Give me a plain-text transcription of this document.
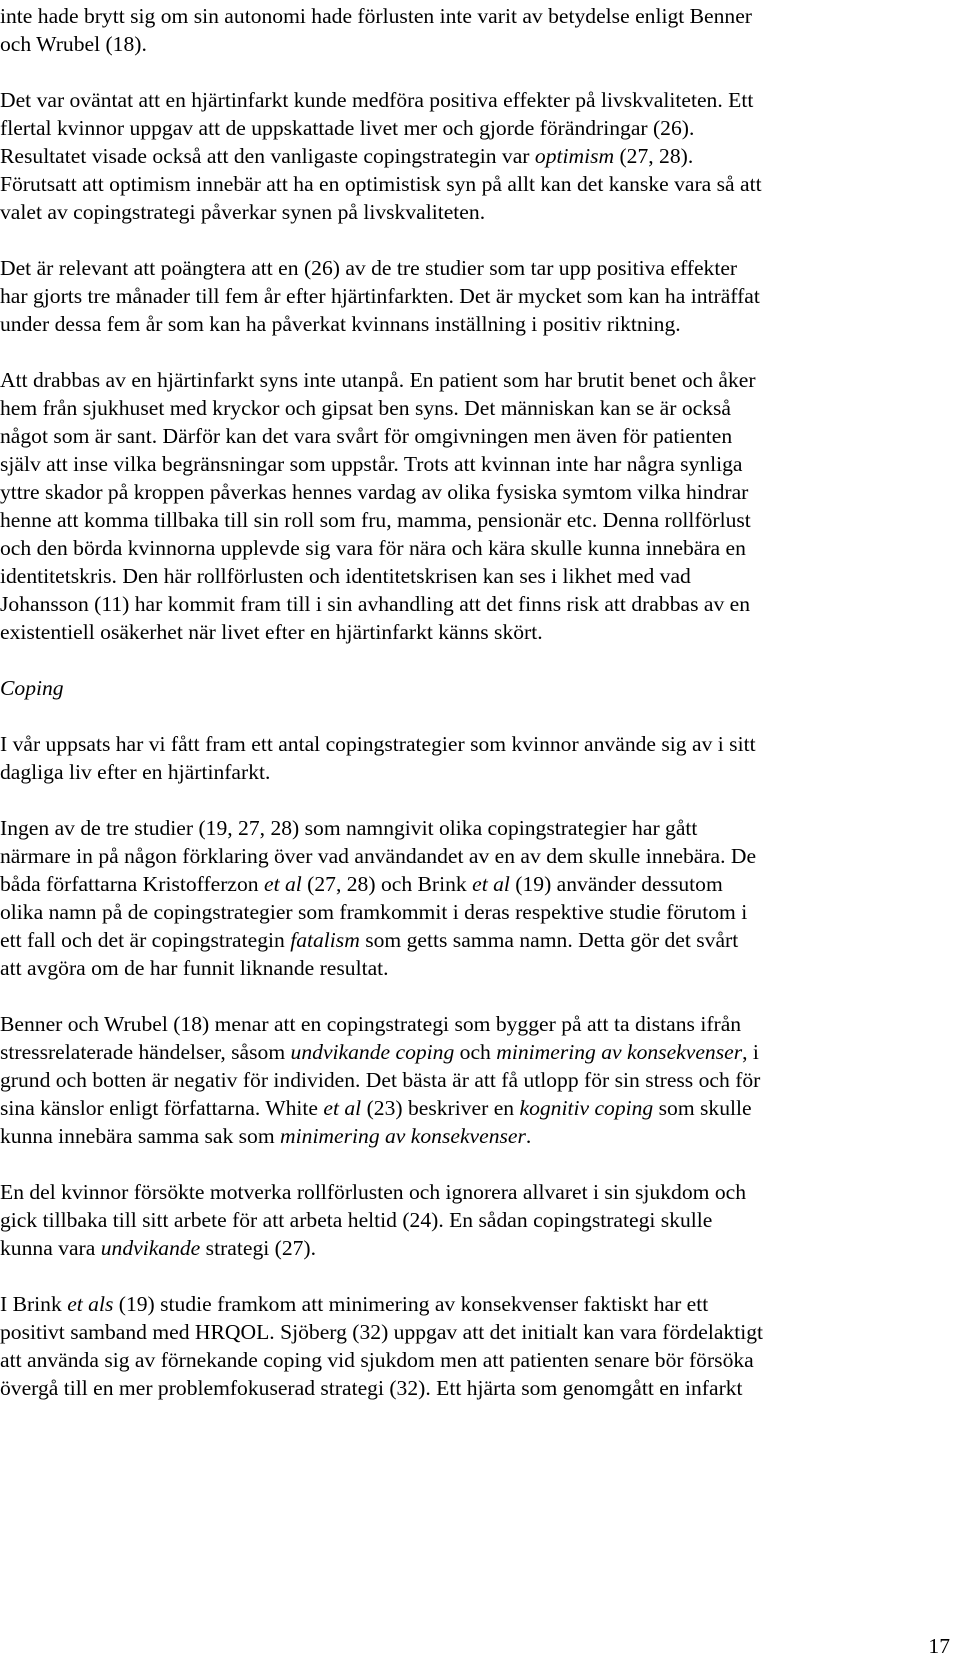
inte hade brytt sig om sin autonomi hade förlusten inte varit av betydelse enligt Benner
och Wrubel (18).
Det var oväntat att en hjärtinfarkt kunde medföra positiva effekter på livskvaliteten. Ett
flertal kvinnor uppgav att de uppskattade livet mer och gjorde förändringar (26).
Resultatet visade också att den vanligaste copingstrategin var optimism (27, 28).
Förutsatt att optimism innebär att ha en optimistisk syn på allt kan det kanske vara så att
valet av copingstrategi påverkar synen på livskvaliteten.
Det är relevant att poängtera att en (26) av de tre studier som tar upp positiva effekter
har gjorts tre månader till fem år efter hjärtinfarkten. Det är mycket som kan ha inträffat
under dessa fem år som kan ha påverkat kvinnans inställning i positiv riktning.
Att drabbas av en hjärtinfarkt syns inte utanpå. En patient som har brutit benet och åker
hem från sjukhuset med kryckor och gipsat ben syns. Det människan kan se är också
något som är sant. Därför kan det vara svårt för omgivningen men även för patienten
själv att inse vilka begränsningar som uppstår. Trots att kvinnan inte har några synliga
yttre skador på kroppen påverkas hennes vardag av olika fysiska symtom vilka hindrar
henne att komma tillbaka till sin roll som fru, mamma, pensionär etc. Denna rollförlust
och den börda kvinnorna upplevde sig vara för nära och kära skulle kunna innebära en
identitetskris. Den här rollförlusten och identitetskrisen kan ses i likhet med vad
Johansson (11) har kommit fram till i sin avhandling att det finns risk att drabbas av en
existentiell osäkerhet när livet efter en hjärtinfarkt känns skört.
Coping
I vår uppsats har vi fått fram ett antal copingstrategier som kvinnor använde sig av i sitt
dagliga liv efter en hjärtinfarkt.
Ingen av de tre studier (19, 27, 28) som namngivit olika copingstrategier har gått
närmare in på någon förklaring över vad användandet av en av dem skulle innebära. De
båda författarna Kristofferzon et al (27, 28) och Brink et al (19) använder dessutom
olika namn på de copingstrategier som framkommit i deras respektive studie förutom i
ett fall och det är copingstrategin fatalism som getts samma namn. Detta gör det svårt
att avgöra om de har funnit liknande resultat.
Benner och Wrubel (18) menar att en copingstrategi som bygger på att ta distans ifrån
stressrelaterade händelser, såsom undvikande coping och minimering av konsekvenser, i
grund och botten är negativ för individen. Det bästa är att få utlopp för sin stress och för
sina känslor enligt författarna. White et al (23) beskriver en kognitiv coping som skulle
kunna innebära samma sak som minimering av konsekvenser.
En del kvinnor försökte motverka rollförlusten och ignorera allvaret i sin sjukdom och
gick tillbaka till sitt arbete för att arbeta heltid (24). En sådan copingstrategi skulle
kunna vara undvikande strategi (27).
I Brink et als (19) studie framkom att minimering av konsekvenser faktiskt har ett
positivt samband med HRQOL. Sjöberg (32) uppgav att det initialt kan vara fördelaktigt
att använda sig av förnekande coping vid sjukdom men att patienten senare bör försöka
övergå till en mer problemfokuserad strategi (32). Ett hjärta som genomgått en infarkt
17
